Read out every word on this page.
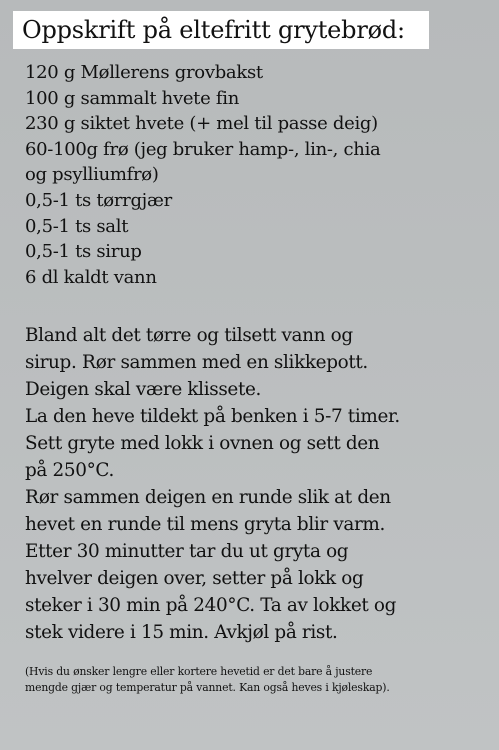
Oppskrift på eltefritt grytebrød:
120 g Møllerens grovbakst
100 g sammalt hvete fin
230 g siktet hvete (+ mel til passe deig)
60-100g frø (jeg bruker hamp-, lin-, chia
og psylliumfrø)
0,5-1 ts tørrgjær
0,5-1 ts salt
0,5-1 ts sirup
6 dl kaldt vann
Bland alt det tørre og tilsett vann og
sirup. Rør sammen med en slikkepott.
Deigen skal være klissete.
La den heve tildekt på benken i 5-7 timer.
Sett gryte med lokk i ovnen og sett den
på 250°C.
Rør sammen deigen en runde slik at den
hevet en runde til mens gryta blir varm.
Etter 30 minutter tar du ut gryta og
hvelver deigen over, setter på lokk og
steker i 30 min på 240°C. Ta av lokket og
stek videre i 15 min. Avkjøl på rist.
(Hvis du ønsker lengre eller kortere hevetid er det bare å justere
mengde gjær og temperatur på vannet. Kan også heves i kjøleskap).
